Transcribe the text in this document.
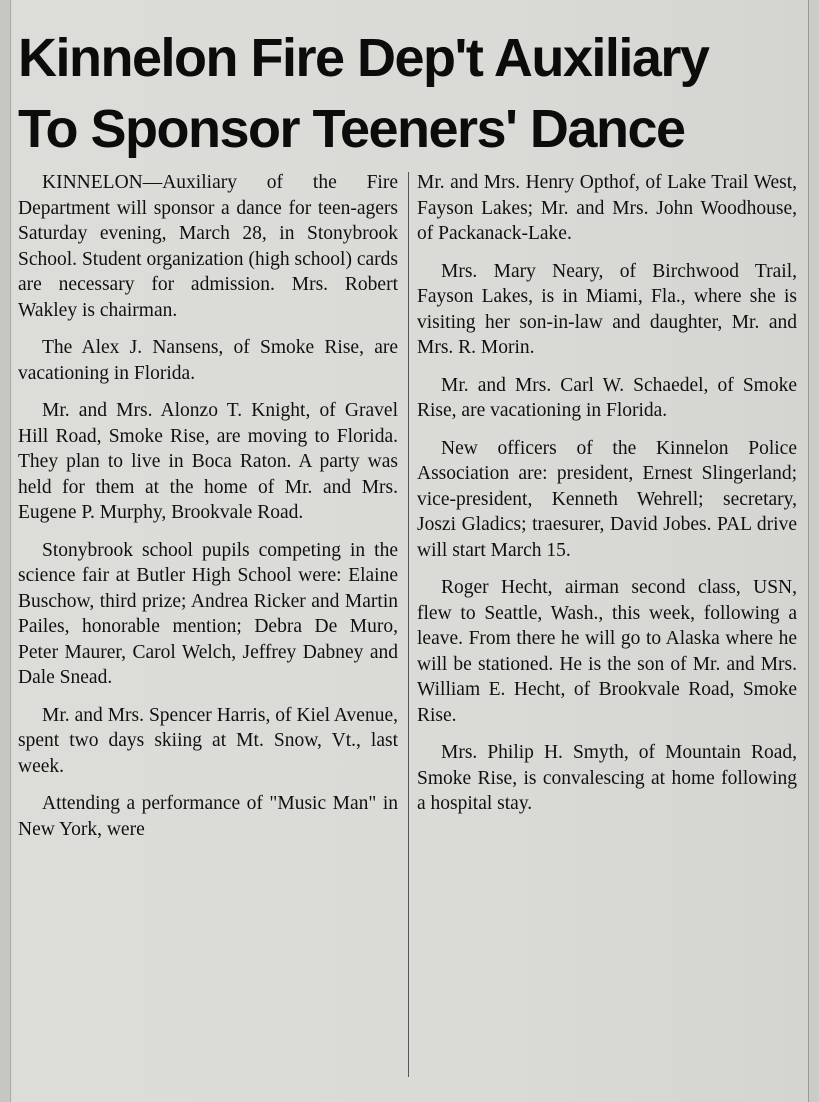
Kinnelon Fire Dep't Auxiliary
To Sponsor Teeners' Dance

KINNELON—Auxiliary of the Fire Department will sponsor a dance for teen-agers Saturday evening, March 28, in Stonybrook School. Student organization (high school) cards are necessary for admission. Mrs. Robert Wakley is chairman.

The Alex J. Nansens, of Smoke Rise, are vacationing in Florida.

Mr. and Mrs. Alonzo T. Knight, of Gravel Hill Road, Smoke Rise, are moving to Florida. They plan to live in Boca Raton. A party was held for them at the home of Mr. and Mrs. Eugene P. Murphy, Brookvale Road.

Stonybrook school pupils competing in the science fair at Butler High School were: Elaine Buschow, third prize; Andrea Ricker and Martin Pailes, honorable mention; Debra De Muro, Peter Maurer, Carol Welch, Jeffrey Dabney and Dale Snead.

Mr. and Mrs. Spencer Harris, of Kiel Avenue, spent two days skiing at Mt. Snow, Vt., last week.

Attending a performance of "Music Man" in New York, were

Mr. and Mrs. Henry Opthof, of Lake Trail West, Fayson Lakes; Mr. and Mrs. John Woodhouse, of Packanack-Lake.

Mrs. Mary Neary, of Birchwood Trail, Fayson Lakes, is in Miami, Fla., where she is visiting her son-in-law and daughter, Mr. and Mrs. R. Morin.

Mr. and Mrs. Carl W. Schaedel, of Smoke Rise, are vacationing in Florida.

New officers of the Kinnelon Police Association are: president, Ernest Slingerland; vice-president, Kenneth Wehrell; secretary, Joszi Gladics; traesurer, David Jobes. PAL drive will start March 15.

Roger Hecht, airman second class, USN, flew to Seattle, Wash., this week, following a leave. From there he will go to Alaska where he will be stationed. He is the son of Mr. and Mrs. William E. Hecht, of Brookvale Road, Smoke Rise.

Mrs. Philip H. Smyth, of Mountain Road, Smoke Rise, is convalescing at home following a hospital stay.
